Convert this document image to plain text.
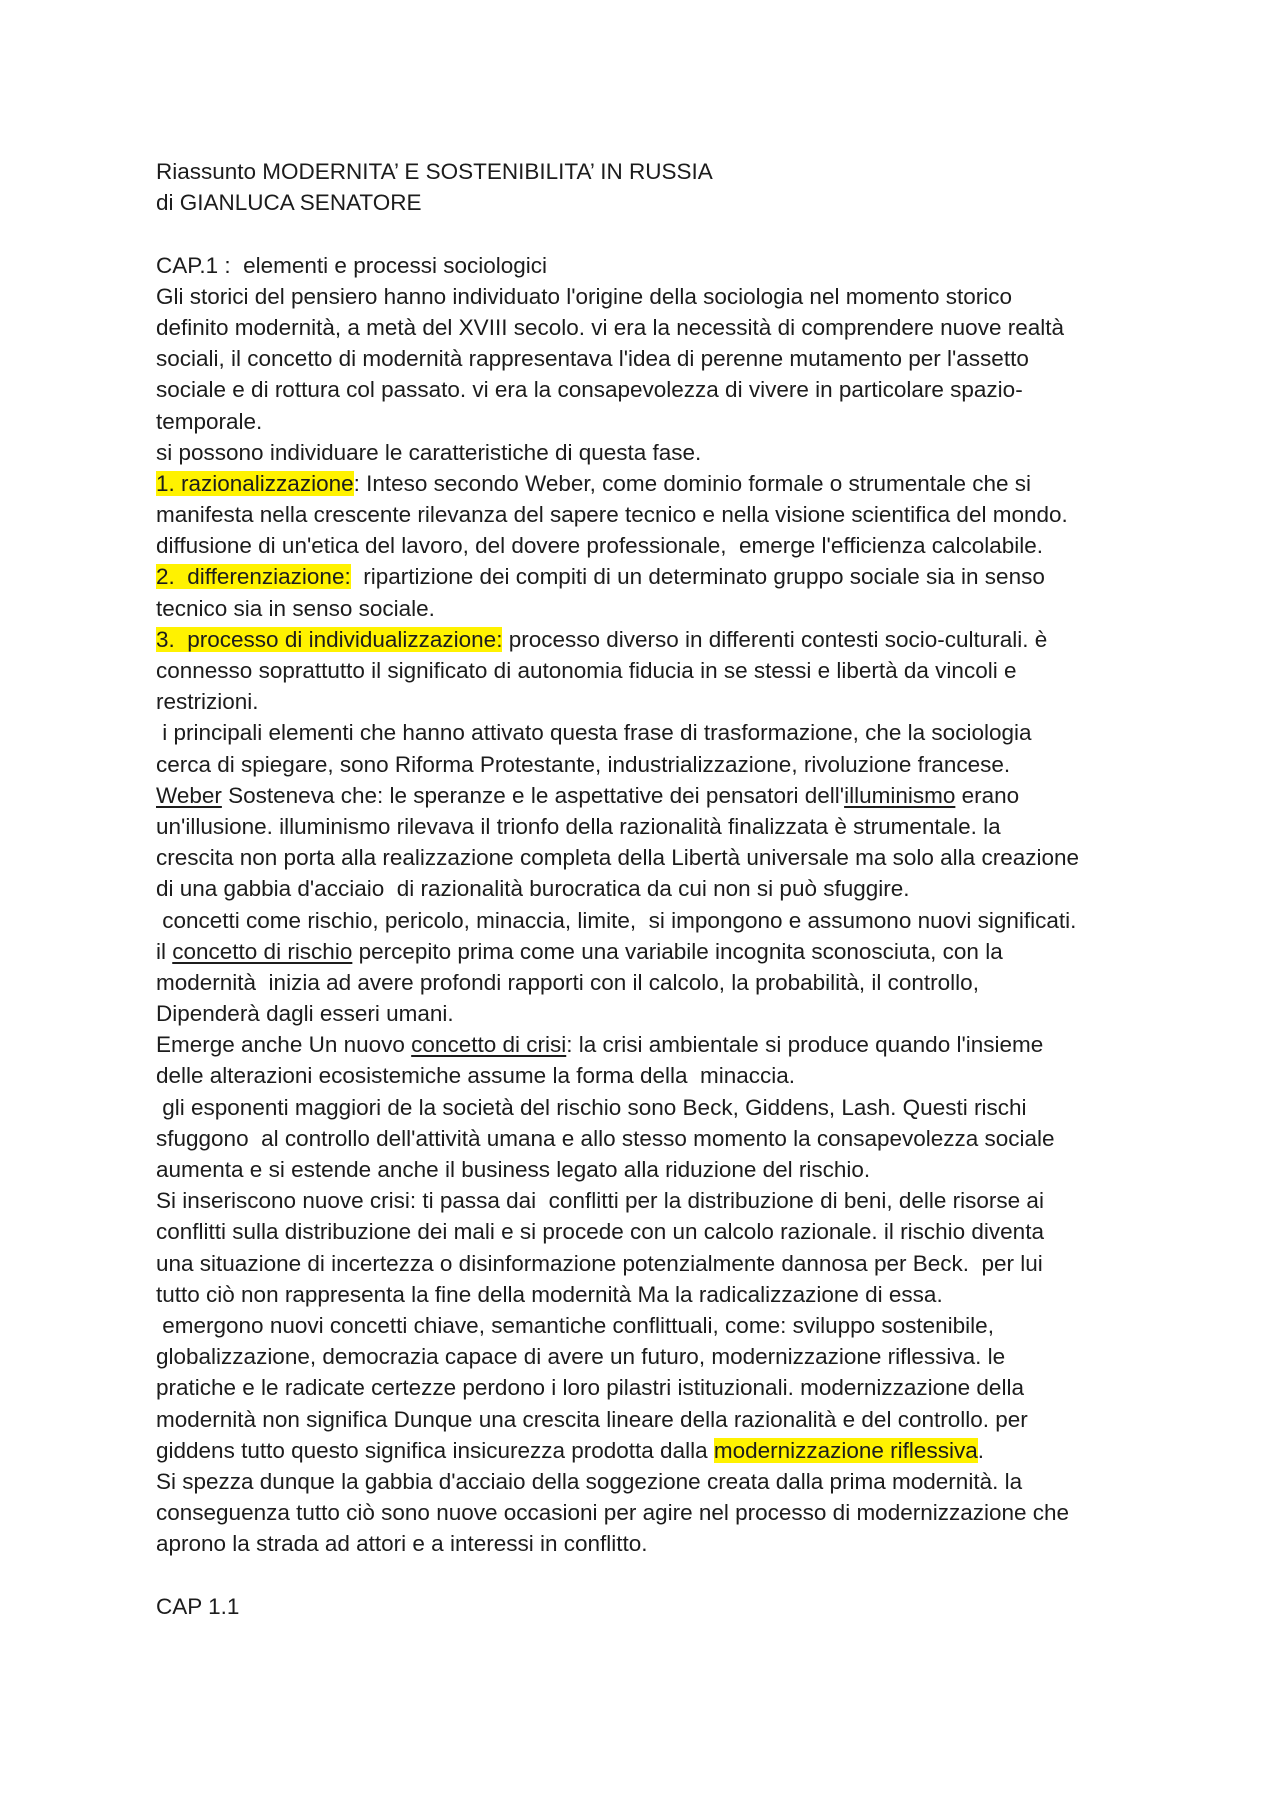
Riassunto MODERNITA’ E SOSTENIBILITA’ IN RUSSIA
di GIANLUCA SENATORE
CAP.1 :  elementi e processi sociologici
Gli storici del pensiero hanno individuato l'origine della sociologia nel momento storico
definito modernità, a metà del XVIII secolo. vi era la necessità di comprendere nuove realtà
sociali, il concetto di modernità rappresentava l'idea di perenne mutamento per l'assetto
sociale e di rottura col passato. vi era la consapevolezza di vivere in particolare spazio-
temporale.
si possono individuare le caratteristiche di questa fase.
1. razionalizzazione: Inteso secondo Weber, come dominio formale o strumentale che si
manifesta nella crescente rilevanza del sapere tecnico e nella visione scientifica del mondo.
diffusione di un'etica del lavoro, del dovere professionale,  emerge l'efficienza calcolabile.
2.  differenziazione:  ripartizione dei compiti di un determinato gruppo sociale sia in senso
tecnico sia in senso sociale.
3.  processo di individualizzazione: processo diverso in differenti contesti socio-culturali. è
connesso soprattutto il significato di autonomia fiducia in se stessi e libertà da vincoli e
restrizioni.
i principali elementi che hanno attivato questa frase di trasformazione, che la sociologia
cerca di spiegare, sono Riforma Protestante, industrializzazione, rivoluzione francese.
Weber Sosteneva che: le speranze e le aspettative dei pensatori dell'illuminismo erano
un'illusione. illuminismo rilevava il trionfo della razionalità finalizzata è strumentale. la
crescita non porta alla realizzazione completa della Libertà universale ma solo alla creazione
di una gabbia d'acciaio  di razionalità burocratica da cui non si può sfuggire.
concetti come rischio, pericolo, minaccia, limite,  si impongono e assumono nuovi significati.
il concetto di rischio percepito prima come una variabile incognita sconosciuta, con la
modernità  inizia ad avere profondi rapporti con il calcolo, la probabilità, il controllo,
Dipenderà dagli esseri umani.
Emerge anche Un nuovo concetto di crisi: la crisi ambientale si produce quando l'insieme
delle alterazioni ecosistemiche assume la forma della  minaccia.
gli esponenti maggiori de la società del rischio sono Beck, Giddens, Lash. Questi rischi
sfuggono  al controllo dell'attività umana e allo stesso momento la consapevolezza sociale
aumenta e si estende anche il business legato alla riduzione del rischio.
Si inseriscono nuove crisi: ti passa dai  conflitti per la distribuzione di beni, delle risorse ai
conflitti sulla distribuzione dei mali e si procede con un calcolo razionale. il rischio diventa
una situazione di incertezza o disinformazione potenzialmente dannosa per Beck.  per lui
tutto ciò non rappresenta la fine della modernità Ma la radicalizzazione di essa.
emergono nuovi concetti chiave, semantiche conflittuali, come: sviluppo sostenibile,
globalizzazione, democrazia capace di avere un futuro, modernizzazione riflessiva. le
pratiche e le radicate certezze perdono i loro pilastri istituzionali. modernizzazione della
modernità non significa Dunque una crescita lineare della razionalità e del controllo. per
giddens tutto questo significa insicurezza prodotta dalla modernizzazione riflessiva.
Si spezza dunque la gabbia d'acciaio della soggezione creata dalla prima modernità. la
conseguenza tutto ciò sono nuove occasioni per agire nel processo di modernizzazione che
aprono la strada ad attori e a interessi in conflitto.
CAP 1.1
